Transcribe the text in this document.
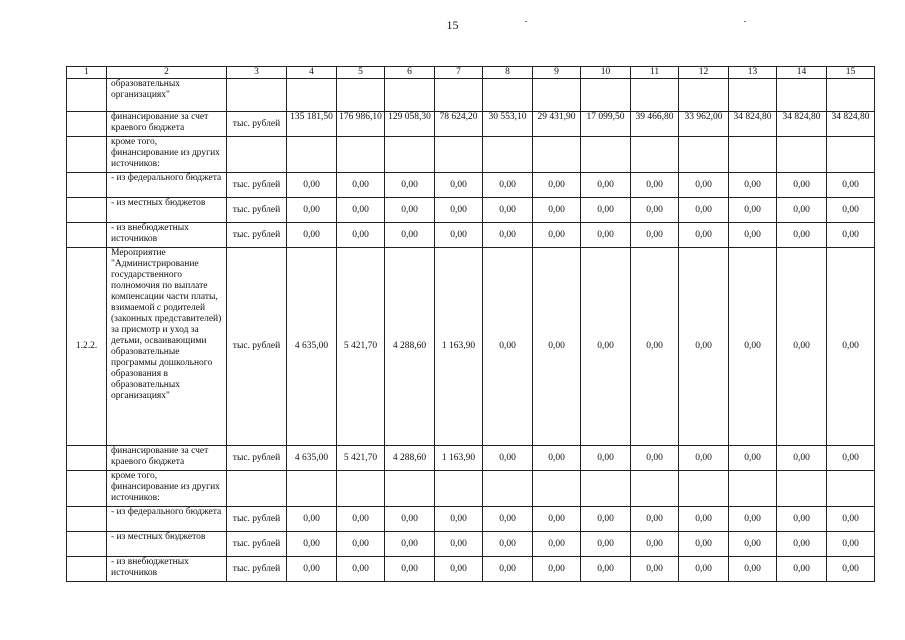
15
1	2	3	4	5	6	7	8	9	10	11	12	13	14	15
	образовательных организациях"													
	финансирование за счет краевого бюджета	тыс. рублей	135 181,50	176 986,10	129 058,30	78 624,20	30 553,10	29 431,90	17 099,50	39 466,80	33 962,00	34 824,80	34 824,80	34 824,80
	кроме того, финансирование из других источников:													
	- из федерального бюджета	тыс. рублей	0,00	0,00	0,00	0,00	0,00	0,00	0,00	0,00	0,00	0,00	0,00	0,00
	- из местных бюджетов	тыс. рублей	0,00	0,00	0,00	0,00	0,00	0,00	0,00	0,00	0,00	0,00	0,00	0,00
	- из внебюджетных источников	тыс. рублей	0,00	0,00	0,00	0,00	0,00	0,00	0,00	0,00	0,00	0,00	0,00	0,00
1.2.2.	Мероприятие "Администрирование государственного полномочия по выплате компенсации части платы, взимаемой с родителей (законных представителей) за присмотр и уход за детьми, осваивающими образовательные программы дошкольного образования в образовательных организациях"	тыс. рублей	4 635,00	5 421,70	4 288,60	1 163,90	0,00	0,00	0,00	0,00	0,00	0,00	0,00	0,00
	финансирование за счет краевого бюджета	тыс. рублей	4 635,00	5 421,70	4 288,60	1 163,90	0,00	0,00	0,00	0,00	0,00	0,00	0,00	0,00
	кроме того, финансирование из других источников:													
	- из федерального бюджета	тыс. рублей	0,00	0,00	0,00	0,00	0,00	0,00	0,00	0,00	0,00	0,00	0,00	0,00
	- из местных бюджетов	тыс. рублей	0,00	0,00	0,00	0,00	0,00	0,00	0,00	0,00	0,00	0,00	0,00	0,00
	- из внебюджетных источников	тыс. рублей	0,00	0,00	0,00	0,00	0,00	0,00	0,00	0,00	0,00	0,00	0,00	0,00
